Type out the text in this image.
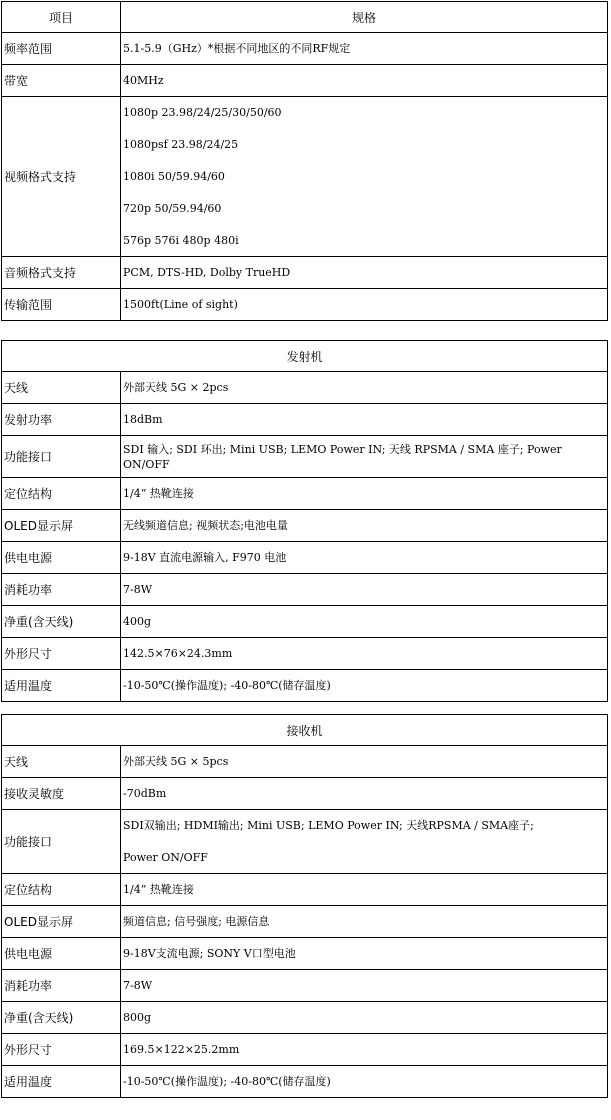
项目	规格
频率范围	5.1-5.9（GHz）*根据不同地区的不同RF规定
带宽	40MHz
视频格式支持	1080p 23.98/24/25/30/50/60
	1080psf 23.98/24/25
	1080i 50/59.94/60
	720p 50/59.94/60
	576p 576i 480p 480i
音频格式支持	PCM, DTS-HD, Dolby TrueHD
传输范围	1500ft(Line of sight)
发射机	
天线	外部天线 5G × 2pcs
发射功率	18dBm
功能接口	SDI 输入; SDI 环出; Mini USB; LEMO Power IN; 天线 RPSMA / SMA 座子; Power ON/OFF
定位结构	1/4” 热靴连接
OLED显示屏	无线频道信息; 视频状态;电池电量
供电电源	9-18V 直流电源输入, F970 电池
消耗功率	7-8W
净重(含天线)	400g
外形尺寸	142.5×76×24.3mm
适用温度	-10-50℃(操作温度); -40-80℃(储存温度)
接收机	
天线	外部天线 5G × 5pcs
接收灵敏度	-70dBm
功能接口	SDI双输出; HDMI输出; Mini USB; LEMO Power IN; 天线RPSMA / SMA座子;
	Power ON/OFF
定位结构	1/4” 热靴连接
OLED显示屏	频道信息; 信号强度; 电源信息
供电电源	9-18V支流电源; SONY V口型电池
消耗功率	7-8W
净重(含天线)	800g
外形尺寸	169.5×122×25.2mm
适用温度	-10-50℃(操作温度); -40-80℃(储存温度)
